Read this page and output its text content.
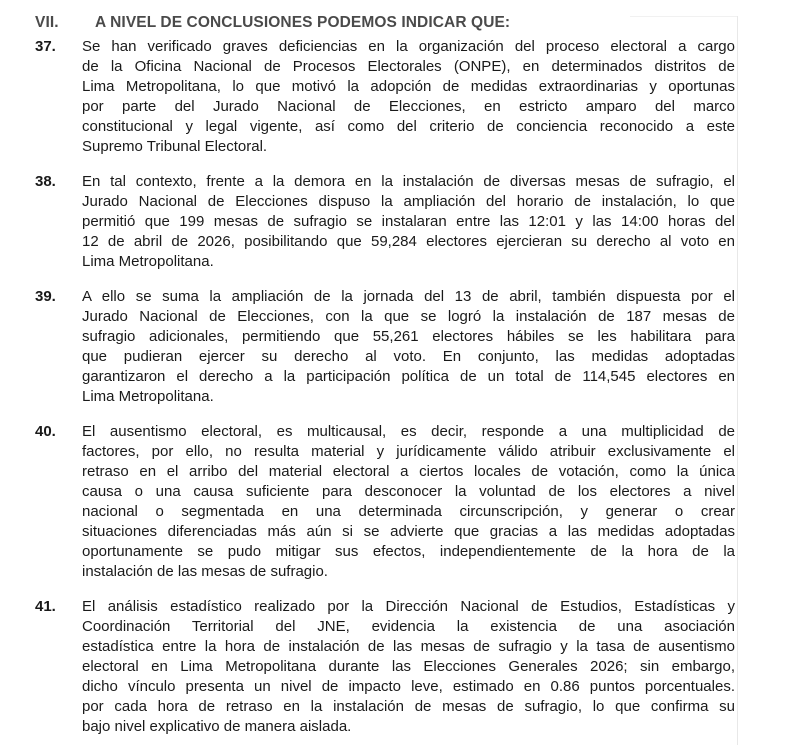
VII.	A NIVEL DE CONCLUSIONES PODEMOS INDICAR QUE:
37.	Se han verificado graves deficiencias en la organización del proceso electoral a cargo
de la Oficina Nacional de Procesos Electorales (ONPE), en determinados distritos de
Lima Metropolitana, lo que motivó la adopción de medidas extraordinarias y oportunas
por parte del Jurado Nacional de Elecciones, en estricto amparo del marco
constitucional y legal vigente, así como del criterio de conciencia reconocido a este
Supremo Tribunal Electoral.
38.	En tal contexto, frente a la demora en la instalación de diversas mesas de sufragio, el
Jurado Nacional de Elecciones dispuso la ampliación del horario de instalación, lo que
permitió que 199 mesas de sufragio se instalaran entre las 12:01 y las 14:00 horas del
12 de abril de 2026, posibilitando que 59,284 electores ejercieran su derecho al voto en
Lima Metropolitana.
39.	A ello se suma la ampliación de la jornada del 13 de abril, también dispuesta por el
Jurado Nacional de Elecciones, con la que se logró la instalación de 187 mesas de
sufragio adicionales, permitiendo que 55,261 electores hábiles se les habilitara para
que pudieran ejercer su derecho al voto. En conjunto, las medidas adoptadas
garantizaron el derecho a la participación política de un total de 114,545 electores en
Lima Metropolitana.
40.	El ausentismo electoral, es multicausal, es decir, responde a una multiplicidad de
factores, por ello, no resulta material y jurídicamente válido atribuir exclusivamente el
retraso en el arribo del material electoral a ciertos locales de votación, como la única
causa o una causa suficiente para desconocer la voluntad de los electores a nivel
nacional o segmentada en una determinada circunscripción, y generar o crear
situaciones diferenciadas más aún si se advierte que gracias a las medidas adoptadas
oportunamente se pudo mitigar sus efectos, independientemente de la hora de la
instalación de las mesas de sufragio.
41.	El análisis estadístico realizado por la Dirección Nacional de Estudios, Estadísticas y
Coordinación Territorial del JNE, evidencia la existencia de una asociación
estadística entre la hora de instalación de las mesas de sufragio y la tasa de ausentismo
electoral en Lima Metropolitana durante las Elecciones Generales 2026; sin embargo,
dicho vínculo presenta un nivel de impacto leve, estimado en 0.86 puntos porcentuales.
por cada hora de retraso en la instalación de mesas de sufragio, lo que confirma su
bajo nivel explicativo de manera aislada.
